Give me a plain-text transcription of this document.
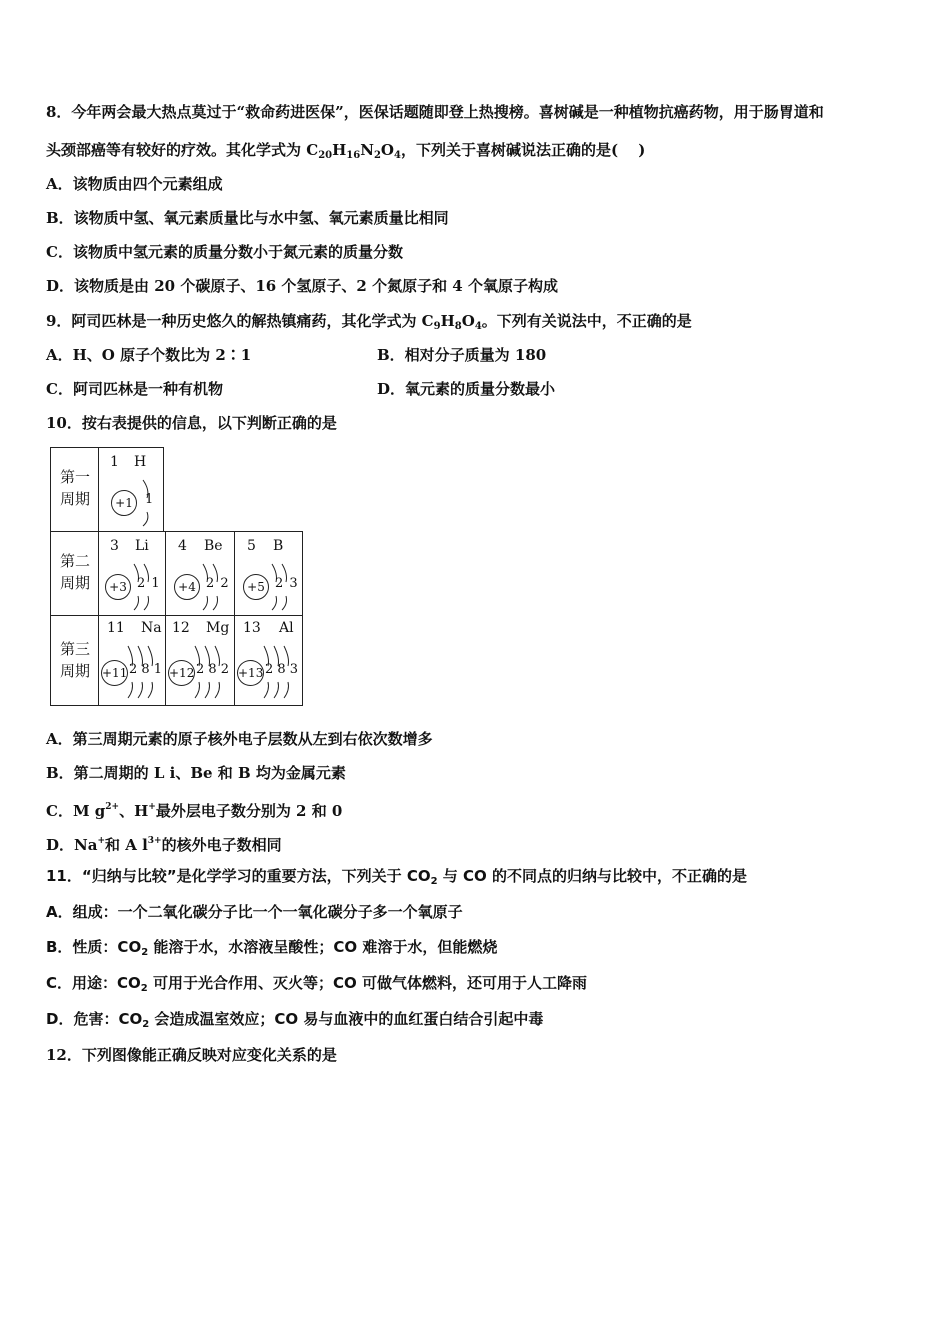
8．今年两会最大热点莫过于“救命药进医保”，医保话题随即登上热搜榜。喜树碱是一种植物抗癌药物，用于肠胃道和
头颈部癌等有较好的疗效。其化学式为 $C_{20}H_{16}N_2O_4$，下列关于喜树碱说法正确的是(　 )
A．该物质由四个元素组成
B．该物质中氢、氧元素质量比与水中氢、氧元素质量比相同
C．该物质中氢元素的质量分数小于氮元素的质量分数
D．该物质是由 20 个碳原子、16 个氢原子、2 个氮原子和 4 个氧原子构成
9．阿司匹林是一种历史悠久的解热镇痛药，其化学式为 $C_9H_8O_4$。下列有关说法中，不正确的是
A．H、O 原子个数比为 2∶1	B．相对分子质量为 180
C．阿司匹林是一种有机物	D．氧元素的质量分数最小
10．按右表提供的信息，以下判断正确的是
第一周期
1 H
+1 1
第二周期
3 Li
+3 2 1
4 Be
+4 2 2
5 B
+5 2 3
第三周期
11 Na
+11 2 8 1
12 Mg
+12 2 8 2
13 Al
+13 2 8 3
A．第三周期元素的原子核外电子层数从左到右依次数增多
B．第二周期的 L i、Be 和 B 均为金属元素
C．M $g^{2+}$、H+最外层电子数分别为 2 和 0
D．Na+和 A $l^{3+}$的核外电子数相同
11．“归纳与比较”是化学学习的重要方法，下列关于 $CO_2$ 与 CO 的不同点的归纳与比较中，不正确的是
A．组成：一个二氧化碳分子比一个一氧化碳分子多一个氧原子
B．性质：$CO_2$ 能溶于水，水溶液呈酸性；CO 难溶于水，但能燃烧
C．用途：$CO_2$ 可用于光合作用、灭火等；CO 可做气体燃料，还可用于人工降雨
D．危害：$CO_2$ 会造成温室效应；CO 易与血液中的血红蛋白结合引起中毒
12．下列图像能正确反映对应变化关系的是
